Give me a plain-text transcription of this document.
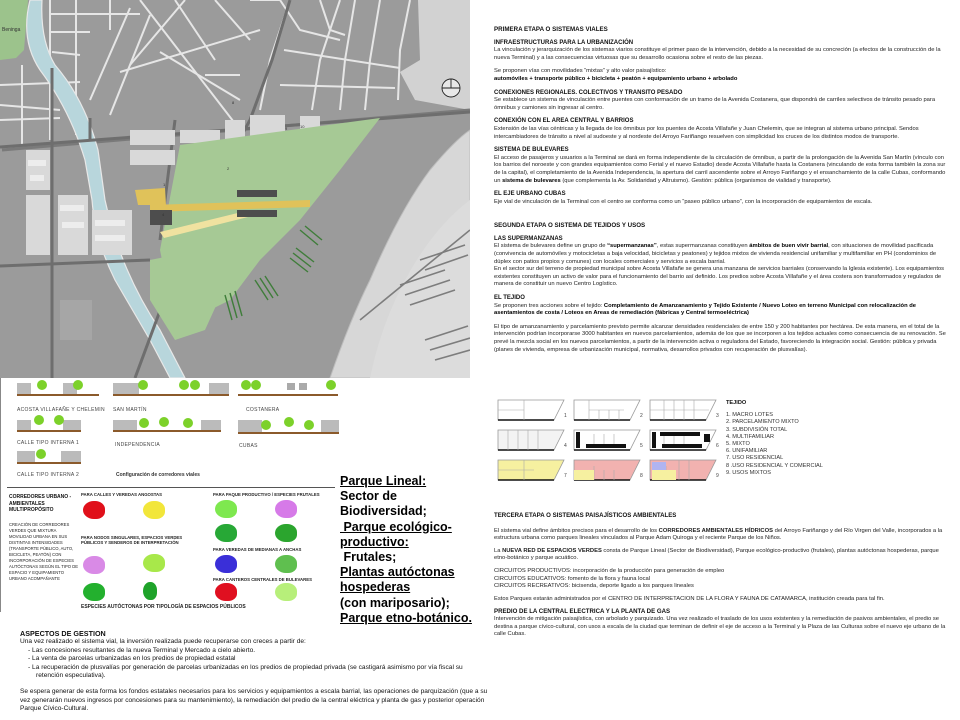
Beninga
1
2
4
8
9	10
ACOSTA VILLAFAÑE Y CHELEMIN SAN MARTÍN	COSTANERA
CALLE TIPO INTERNA 1	INDEPENDENCIA	CUBAS
CALLE TIPO INTERNA 2	Configuración de corredores viales
CORREDORES URBANO - AMBIENTALES MULTIPROPÓSITO
CREACIÓN DE CORREDORES VERDES QUE MIXTURA MOVILIDAD URBANA EN SUS DISTINTAS INTENSIDADES (TRANSPORTE PÚBLICO, AUTO, BICICLETA, PEATÓN) CON INCORPORACIÓN DE ESPECIES AUTÓCTONAS SEGÚN EL TIPO DE ESPACIO Y EQUIPAMIENTO URBANO ACOMPAÑANTE
PARA CALLES Y VEREDAS ANGOSTAS
PARA NODOS SINGULARES, ESPACIOS VERDES PÚBLICOS Y SENDEROS DE INTERPRETACIÓN
PARA PAQUE PRODUCTIVO / ESPECIES FRUTALES
PARA VEREDAS DE MEDIANAS A ANCHAS
PARA CANTEROS CENTRALES DE BULEVARES
ESPECIES AUTÓCTONAS POR TIPOLOGÍA DE ESPACIOS PÚBLICOS
Parque Lineal:
Sector de
Biodiversidad;
Parque ecológico-
productivo:
Frutales;
Plantas autóctonas
hospederas
(con mariposario);
Parque etno-botánico.
ASPECTOS DE GESTION

Una vez realizado el sistema vial, la inversión realizada puede recuperarse con creces a partir de:

- Las concesiones resultantes de la nueva Terminal y Mercado a cielo abierto.
- La venta de parcelas urbanizadas en los predios de propiedad estatal
- La recuperación de plusvalías por generación de parcelas urbanizadas en los predios de propiedad privada (se castigará asimismo por vía fiscal su retención especulativa).

Se espera generar de esta forma los fondos estatales necesarios para los servicios y equipamientos a escala barrial, las operaciones de parquización (que a su vez generarán nuevos ingresos por concesiones para su mantenimiento), la remediación del predio de la central eléctrica y planta de gas y posterior operación Parque Cívico-Cultural.

PRIMERA ETAPA O SISTEMAS VIALES
INFRAESTRUCTURAS PARA LA URBANIZACIÓN

La vinculación y jerarquización de los sistemas viarios constituye el primer paso de la intervención, debido a la necesidad de su concreción (a efectos de la construcción de la nueva Terminal) y a las consecuencias virtuosas que su desarrollo ocasiona sobre el resto de las piezas.

Se proponen vías con movilidades “mixtas” y alto valor paisajístico:

automóviles + transporte público + bicicleta + peatón + equipamiento urbano + arbolado

CONEXIONES REGIONALES. COLECTIVOS Y TRANSITO PESADO

Se establece un sistema de vinculación entre puentes con conformación de un tramo de la Avenida Costanera, que dispondrá de carriles selectivos de tránsito pesado para ómnibus y camiones sin ingresar al centro.

CONEXIÓN CON EL AREA CENTRAL Y BARRIOS

Extensión de las vías céntricas y la llegada de los ómnibus por los puentes de Acosta Villafañe y Juan Chelemin, que se integran al sistema urbano principal. Sendos intercambiadores de tránsito a nivel al sudoeste y al nordeste del Arroyo Fariñango resuelven con simplicidad los cruces de los distintos modos de transporte.

SISTEMA DE BULEVARES

El acceso de pasajeros y usuarios a la Terminal se dará en forma independiente de la circulación de ómnibus, a partir de la prolongación de la Avenida San Martín (vínculo con los barrios del noroeste y con grandes equipamientos como Ferial y el nuevo Estadio) desde Acosta Villafañe hasta la Costanera (vinculando de esta forma también la zona sur de la capital), el completamiento de la Avenida Independencia, la apertura del carril ascendente sobre el Arroyo Fariñango y el ensanchamiento de la calle Cubas, conformando un sistema de bulevares (que complementa la Av. Solidaridad y Altruismo). Gestión: pública (organismos de vialidad y transporte).

EL EJE URBANO CUBAS

Eje vial de vinculación de la Terminal con el centro se conforma como un “paseo público urbano”, con la incorporación de equipamientos de escala.

SEGUNDA ETAPA O SISTEMA DE TEJIDOS Y USOS
LAS SUPERMANZANAS

El sistema de bulevares define un grupo de “supermanzanas”, estas supermanzanas constituyen ámbitos de buen vivir barrial, con situaciones de movilidad pacificada (convivencia de automóviles y motocicletas a baja velocidad, bicicletas y peatones) y tejidos mixtos de vivienda residencial unifamiliar y multifamiliar en PH (condominios de dúplex con patios propios y comunes) con locales comerciales y servicios a escala barrial.

En el sector sur del terreno de propiedad municipal sobre Acosta Villafañe se genera una manzana de servicios barriales (conservando la Iglesia existente). Los equipamientos existentes constituyen un activo de valor para el funcionamiento del barrio así definido. Los predios sobre Acosta Villafañe y el área costera son transformados y regulados de manera de constituir un nuevo Centro Logístico.

EL TEJIDO

Se proponen tres acciones sobre el tejido: Completamiento de Amanzanamiento y Tejido Existente / Nuevo Loteo en terreno Municipal con relocalización de asentamientos de costa / Loteos en Areas de remediación (fábricas y Central termoeléctrica)

El tipo de amanzanamiento y parcelamiento previsto permite alcanzar densidades residenciales de entre 150 y 200 habitantes por hectárea. De esta manera, en el total de la intervención podrían incorporarse 3000 habitantes en nuevos parcelamientos, además de los que se incorporen a los tejidos actuales como consecuencia de su renovación. Se prevé la mezcla social en los nuevos parcelamientos, a partir de la intervención activa o reguladora del Estado, favoreciendo la integración social. Gestión: pública y privada (planes de vivienda, empresa de urbanización municipal, normativa, desarrollos privados con recuperación de plusvalías).

1	2	3
4	5	6
7	8	9
TEJIDO
1. MACRO LOTES
2. PARCELAMIENTO MIXTO
3. SUBDIVISIÓN TOTAL
4. MULTIFAMILIAR
5. MIXTO
6. UNIFAMILIAR
7. USO RESIDENCIAL
8 .USO RESIDENCIAL Y COMERCIAL
9. USOS MIXTOS
TERCERA ETAPA O SISTEMAS PAISAJÍSTICOS AMBIENTALES

El sistema vial define ámbitos precisos para el desarrollo de los CORREDORES AMBIENTALES HÍDRICOS del Arroyo Fariñango y del Río Virgen del Valle, incorporados a la estructura urbana como parques lineales vinculados al Parque Adam Quiroga y el reciente Parque de los Niños.

La NUEVA RED DE ESPACIOS VERDES consta de Parque Lineal (Sector de Biodiversidad), Parque ecológico-productivo (frutales), plantas autóctonas hospederas, parque etno-botánico y parque acuático.

CIRCUITOS PRODUCTIVOS: incorporación de la producción para generación de empleo

CIRCUITOS EDUCATIVOS: fomento de la flora y fauna local

CIRCUITOS RECREATIVOS: bicisenda, deporte ligado a los parques lineales

Estos Parques estarán administrados por el CENTRO DE INTERPRETACION DE LA FLORA Y FAUNA DE CATAMARCA, institución creada para tal fin.

PREDIO DE LA CENTRAL ELECTRICA Y LA PLANTA DE GAS

Intervención de mitigación paisajística, con arbolado y parquizado. Una vez realizado el traslado de los usos existentes y la remediación de pasivos ambientales, el predio se destina a parque cívico-cultural, con usos a escala de la ciudad que terminan de definir el eje de acceso a la Terminal y la Plaza de las Culturas sobre el nuevo eje urbano de la calle Cubas.
